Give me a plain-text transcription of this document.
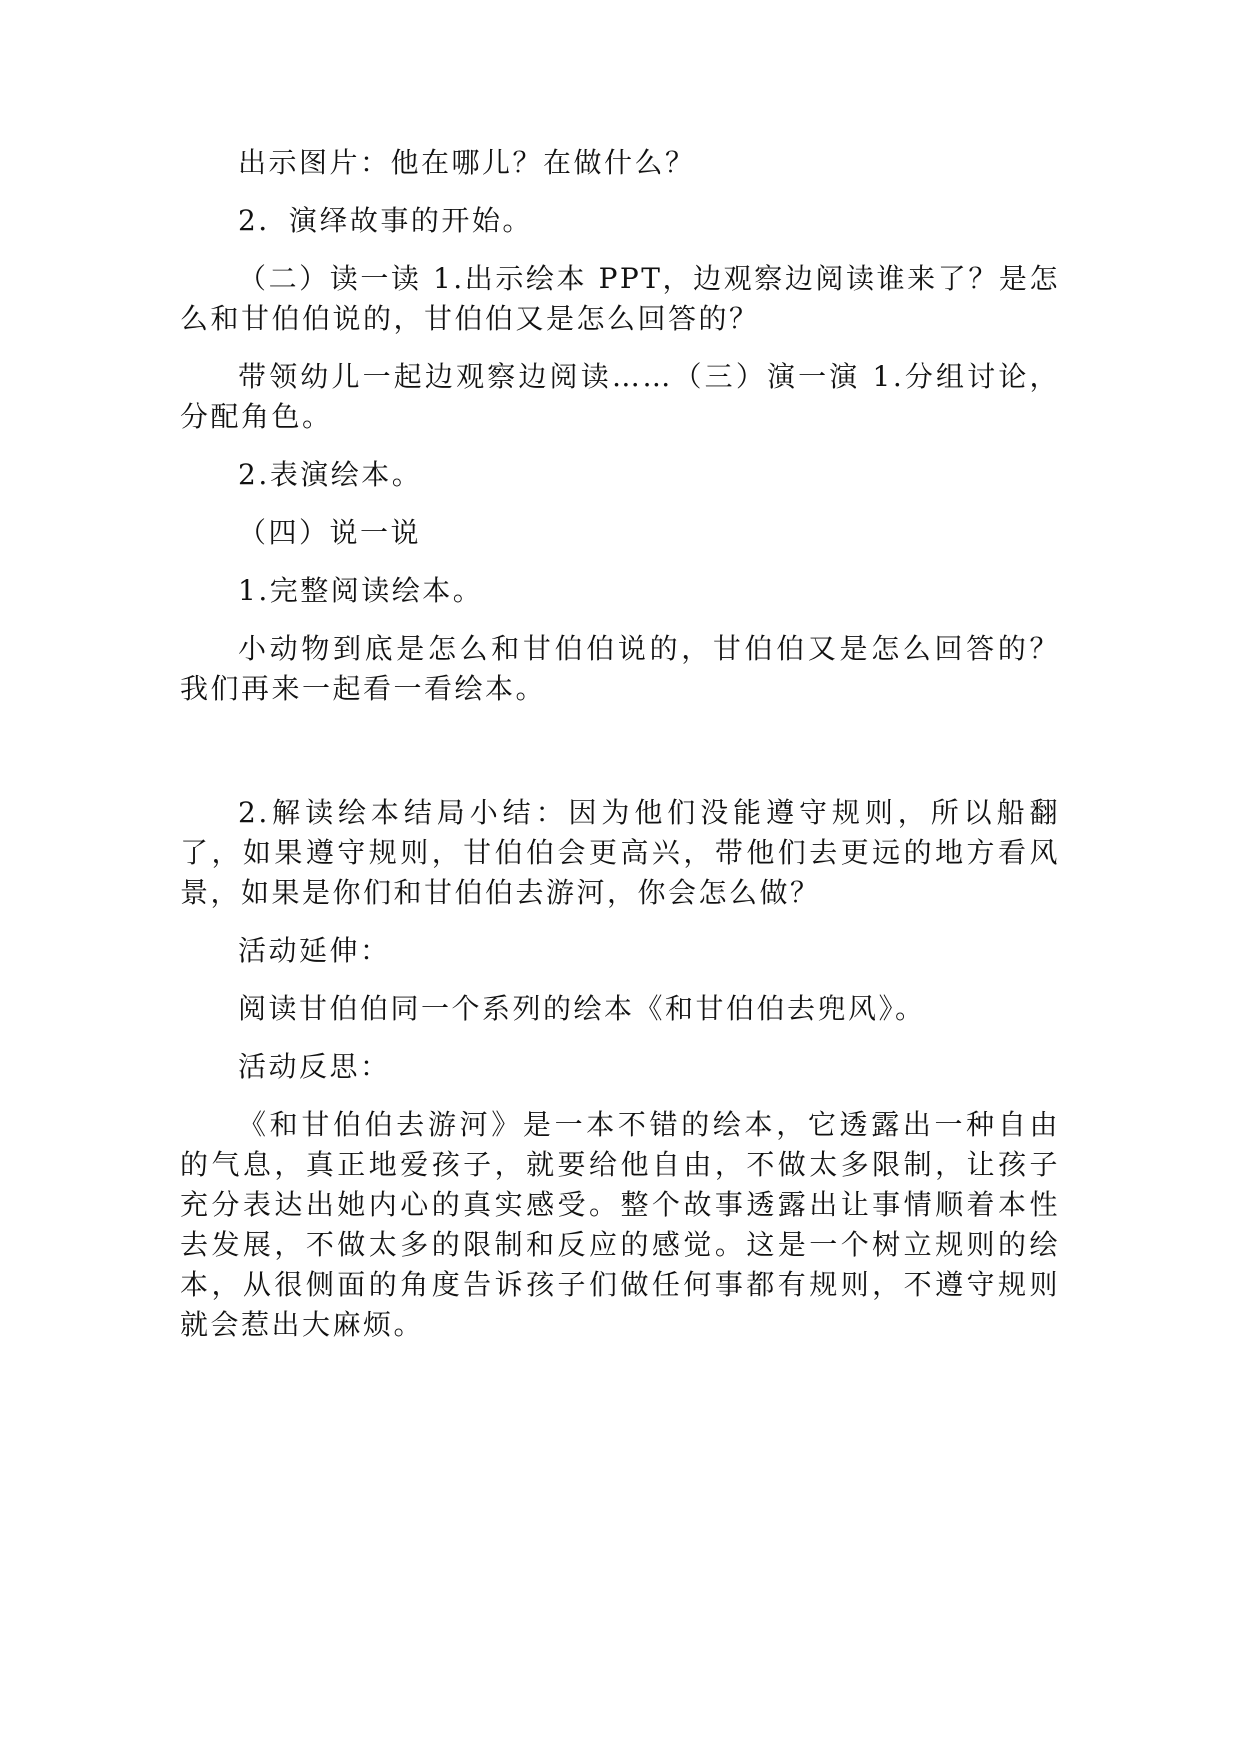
出示图片：他在哪儿？在做什么？

2．演绎故事的开始。

（二）读一读 1.出示绘本 PPT，边观察边阅读谁来了？是怎么和甘伯伯说的，甘伯伯又是怎么回答的？

带领幼儿一起边观察边阅读……（三）演一演 1.分组讨论，分配角色。

2.表演绘本。

（四）说一说

1.完整阅读绘本。

小动物到底是怎么和甘伯伯说的，甘伯伯又是怎么回答的？我们再来一起看一看绘本。

2.解读绘本结局小结：因为他们没能遵守规则，所以船翻了，如果遵守规则，甘伯伯会更高兴，带他们去更远的地方看风景，如果是你们和甘伯伯去游河，你会怎么做？

活动延伸：

阅读甘伯伯同一个系列的绘本《和甘伯伯去兜风》。

活动反思：

《和甘伯伯去游河》是一本不错的绘本，它透露出一种自由的气息，真正地爱孩子，就要给他自由，不做太多限制，让孩子充分表达出她内心的真实感受。整个故事透露出让事情顺着本性去发展，不做太多的限制和反应的感觉。这是一个树立规则的绘本，从很侧面的角度告诉孩子们做任何事都有规则，不遵守规则就会惹出大麻烦。
